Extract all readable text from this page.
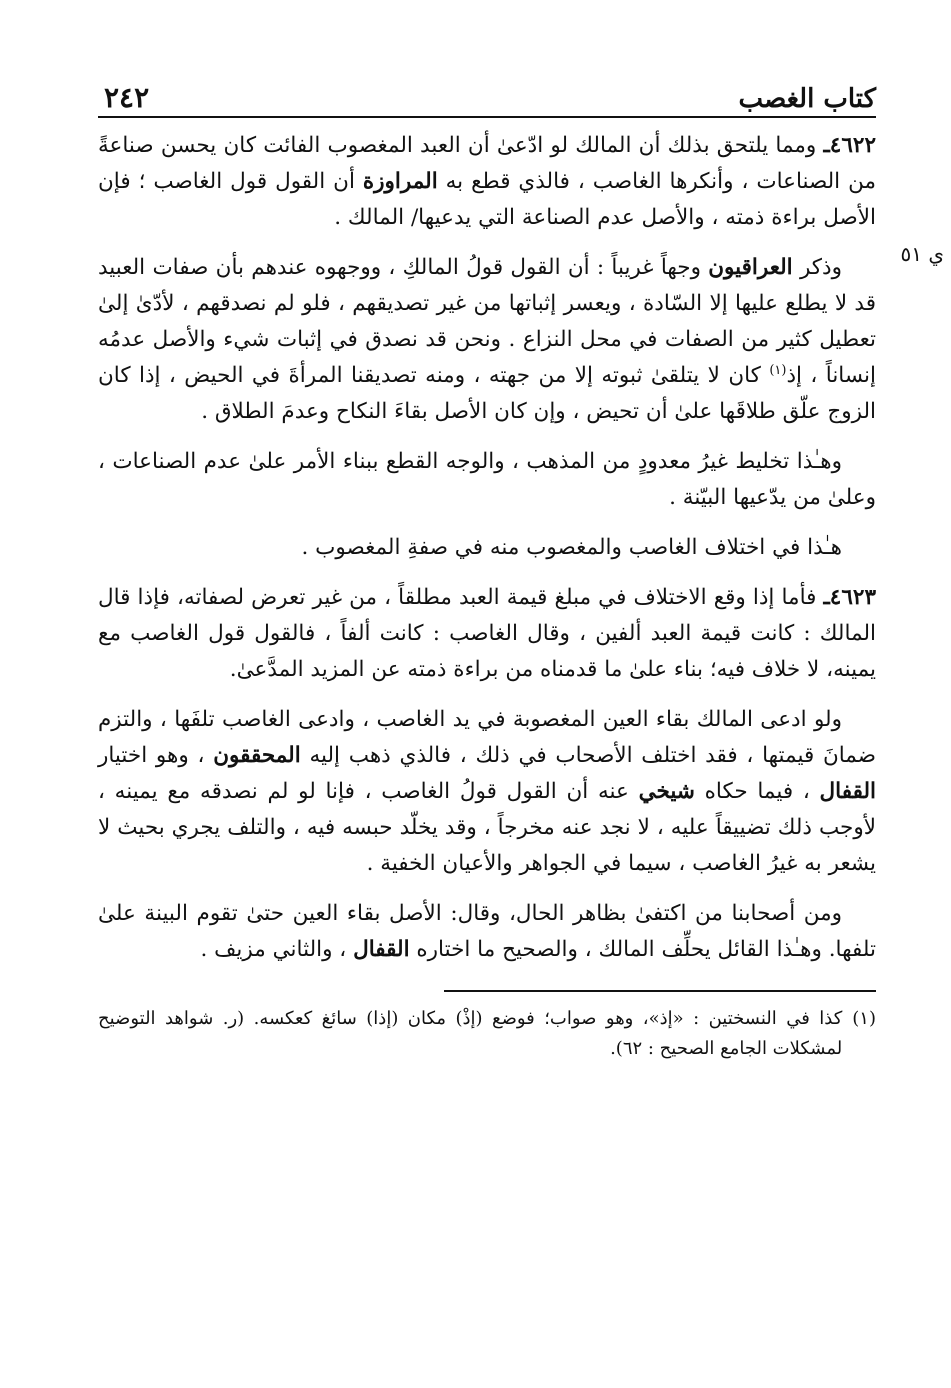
كتاب الغصب
٢٤٢

٤٦٢٢ـ ومما يلتحق بذلك أن المالك لو ادّعىٰ أن العبد المغصوب الفائت كان يحسن صناعةً من الصناعات ، وأنكرها الغاصب ، فالذي قطع به المراوزة أن القول قول الغاصب ؛ فإن الأصل براءة ذمته ، والأصل عدم الصناعة التي يدعيها/ المالك .
ي ٥١

وذكر العراقيون وجهاً غريباً : أن القول قولُ المالكِ ، ووجهوه عندهم بأن صفات العبيد قد لا يطلع عليها إلا السّادة ، ويعسر إثباتها من غير تصديقهم ، فلو لم نصدقهم ، لأدّىٰ إلىٰ تعطيل كثير من الصفات في محل النزاع . ونحن قد نصدق في إثبات شيء والأصل عدمُه إنساناً ، إذ$^{(١)}$ كان لا يتلقىٰ ثبوته إلا من جهته ، ومنه تصديقنا المرأةَ في الحيض ، إذا كان الزوج علّق طلاقَها علىٰ أن تحيض ، وإن كان الأصل بقاءَ النكاح وعدمَ الطلاق .

وهـٰذا تخليط غيرُ معدودٍ من المذهب ، والوجه القطع ببناء الأمر علىٰ عدم الصناعات ، وعلىٰ من يدّعيها البيّنة .

هـٰذا في اختلاف الغاصب والمغصوب منه في صفةِ المغصوب .

٤٦٢٣ـ فأما إذا وقع الاختلاف في مبلغ قيمة العبد مطلقاً ، من غير تعرض لصفاته، فإذا قال المالك : كانت قيمة العبد ألفين ، وقال الغاصب : كانت ألفاً ، فالقول قول الغاصب مع يمينه، لا خلاف فيه؛ بناء علىٰ ما قدمناه من براءة ذمته عن المزيد المدَّعىٰ.

ولو ادعى المالك بقاء العين المغصوبة في يد الغاصب ، وادعى الغاصب تلفَها ، والتزم ضمانَ قيمتها ، فقد اختلف الأصحاب في ذلك ، فالذي ذهب إليه المحققون ، وهو اختيار القفال ، فيما حكاه شيخي عنه أن القول قولُ الغاصب ، فإنا لو لم نصدقه مع يمينه ، لأوجب ذلك تضييقاً عليه ، لا نجد عنه مخرجاً ، وقد يخلّد حبسه فيه ، والتلف يجري بحيث لا يشعر به غيرُ الغاصب ، سيما في الجواهر والأعيان الخفية .

ومن أصحابنا من اكتفىٰ بظاهر الحال، وقال: الأصل بقاء العين حتىٰ تقوم البينة علىٰ تلفها. وهـٰذا القائل يحلِّف المالك ، والصحيح ما اختاره القفال ، والثاني مزيف .

(١)
كذا في النسختين : «إذ»، وهو صواب؛ فوضع (إذْ) مكان (إذا) سائغ كعكسه. (ر. شواهد التوضيح لمشكلات الجامع الصحيح : ٦٢).
